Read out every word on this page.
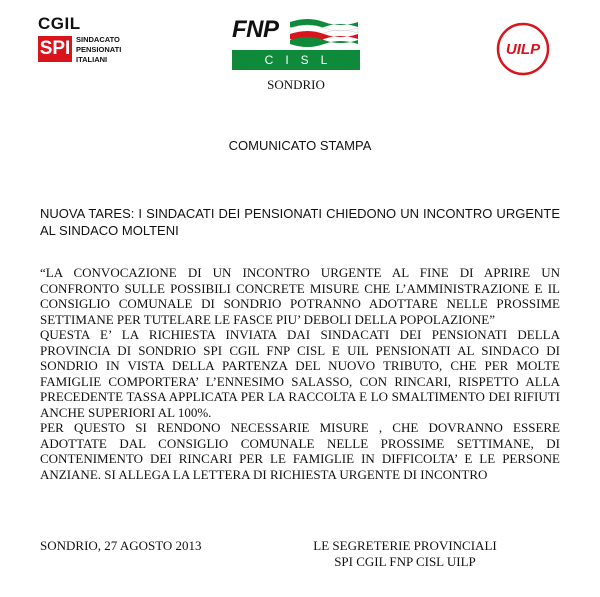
CGIL
SPI SINDACATO
PENSIONATI
ITALIANI
FNP
CISL
SONDRIO
UILP
COMUNICATO STAMPA
NUOVA TARES: I SINDACATI DEI PENSIONATI CHIEDONO UN INCONTRO URGENTE AL SINDACO MOLTENI

“LA CONVOCAZIONE DI UN INCONTRO URGENTE AL FINE DI APRIRE UN CONFRONTO SULLE POSSIBILI CONCRETE MISURE CHE L’AMMINISTRAZIONE E IL CONSIGLIO COMUNALE DI SONDRIO POTRANNO ADOTTARE NELLE PROSSIME SETTIMANE PER TUTELARE LE FASCE PIU’ DEBOLI DELLA POPOLAZIONE”

QUESTA E’ LA RICHIESTA INVIATA DAI SINDACATI DEI PENSIONATI DELLA PROVINCIA DI SONDRIO SPI CGIL FNP CISL E UIL PENSIONATI AL SINDACO DI SONDRIO IN VISTA DELLA PARTENZA DEL NUOVO TRIBUTO, CHE PER MOLTE FAMIGLIE COMPORTERA’ L’ENNESIMO SALASSO, CON RINCARI, RISPETTO ALLA PRECEDENTE TASSA APPLICATA PER LA RACCOLTA E LO SMALTIMENTO DEI RIFIUTI ANCHE SUPERIORI AL 100%.

PER QUESTO SI RENDONO NECESSARIE MISURE , CHE DOVRANNO ESSERE ADOTTATE DAL CONSIGLIO COMUNALE NELLE PROSSIME SETTIMANE, DI CONTENIMENTO DEI RINCARI PER LE FAMIGLIE IN DIFFICOLTA’ E LE PERSONE ANZIANE. SI ALLEGA LA LETTERA DI RICHIESTA URGENTE DI INCONTRO

SONDRIO, 27 AGOSTO 2013	LE SEGRETERIE PROVINCIALI
SPI CGIL FNP CISL UILP
